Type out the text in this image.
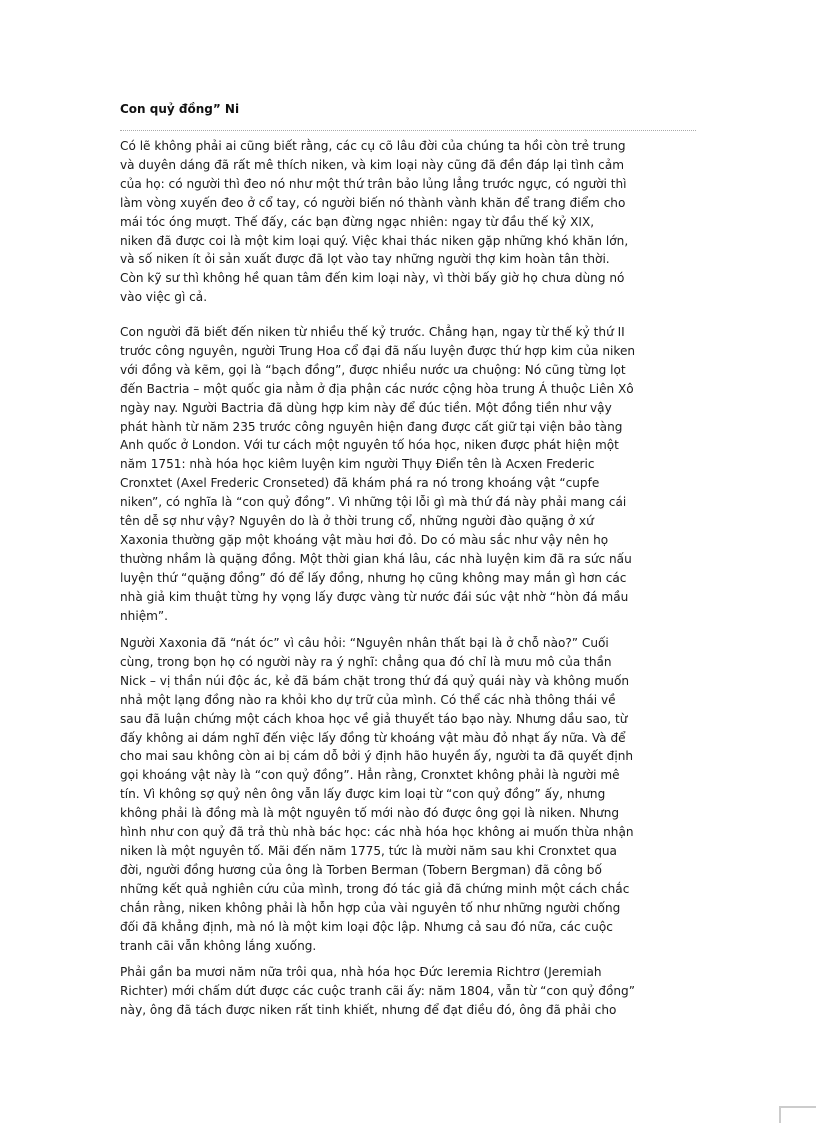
Con quỷ đồng” Ni
Có lẽ không phải ai cũng biết rằng, các cụ cõ lâu đời của chúng ta hồi còn trẻ trung
và duyên dáng đã rất mê thích niken, và kim loại này cũng đã đền đáp lại tình cảm
của họ: có người thì đeo nó như một thứ trân bảo lủng lẳng trước ngực, có người thì
làm vòng xuyến đeo ở cổ tay, có người biến nó thành vành khăn để trang điểm cho
mái tóc óng mượt. Thế đấy, các bạn đừng ngạc nhiên: ngay từ đầu thế kỷ XIX,
niken đã được coi là một kim loại quý. Việc khai thác niken gặp những khó khăn lớn,
và số niken ít ỏi sản xuất được đã lọt vào tay những người thợ kim hoàn tân thời.
Còn kỹ sư thì không hề quan tâm đến kim loại này, vì thời bấy giờ họ chưa dùng nó
vào việc gì cả.
Con người đã biết đến niken từ nhiều thế kỷ trước. Chẳng hạn, ngay từ thế kỷ thứ II
trước công nguyên, người Trung Hoa cổ đại đã nấu luyện được thứ hợp kim của niken
với đồng và kẽm, gọi là “bạch đồng”, được nhiều nước ưa chuộng: Nó cũng từng lọt
đến Bactria – một quốc gia nằm ở địa phận các nước cộng hòa trung Á thuộc Liên Xô
ngày nay. Người Bactria đã dùng hợp kim này để đúc tiền. Một đồng tiền như vậy
phát hành từ năm 235 trước công nguyên hiện đang được cất giữ tại viện bảo tàng
Anh quốc ở London. Với tư cách một nguyên tố hóa học, niken được phát hiện một
năm 1751: nhà hóa học kiêm luyện kim người Thụy Điển tên là Acxen Frederic
Cronxtet (Axel Frederic Cronseted) đã khám phá ra nó trong khoáng vật “cupfe
niken”, có nghĩa là “con quỷ đồng”. Vì những tội lỗi gì mà thứ đá này phải mang cái
tên dễ sợ như vậy? Nguyên do là ở thời trung cổ, những người đào quặng ở xứ
Xaxonia thường gặp một khoáng vật màu hơi đỏ. Do có màu sắc như vậy nên họ
thường nhầm là quặng đồng. Một thời gian khá lâu, các nhà luyện kim đã ra sức nấu
luyện thứ “quặng đồng” đó để lấy đồng, nhưng họ cũng không may mắn gì hơn các
nhà giả kim thuật từng hy vọng lấy được vàng từ nước đái súc vật nhờ “hòn đá mầu
nhiệm”.
Người Xaxonia đã “nát óc” vì câu hỏi: “Nguyên nhân thất bại là ở chỗ nào?” Cuối
cùng, trong bọn họ có người này ra ý nghĩ: chẳng qua đó chỉ là mưu mô của thần
Nick – vị thần núi độc ác, kẻ đã bám chặt trong thứ đá quỷ quái này và không muốn
nhả một lạng đồng nào ra khỏi kho dự trữ của mình. Có thể các nhà thông thái về
sau đã luận chứng một cách khoa học về giả thuyết táo bạo này. Nhưng dầu sao, từ
đấy không ai dám nghĩ đến việc lấy đồng từ khoáng vật màu đỏ nhạt ấy nữa. Và để
cho mai sau không còn ai bị cám dỗ bởi ý định hão huyền ấy, người ta đã quyết định
gọi khoáng vật này là “con quỷ đồng”. Hẳn rằng, Cronxtet không phải là người mê
tín. Vì không sợ quỷ nên ông vẫn lấy được kim loại từ “con quỷ đồng” ấy, nhưng
không phải là đồng mà là một nguyên tố mới nào đó được ông gọi là niken. Nhưng
hình như con quỷ đã trả thù nhà bác học: các nhà hóa học không ai muốn thừa nhận
niken là một nguyên tố. Mãi đến năm 1775, tức là mười năm sau khi Cronxtet qua
đời, người đồng hương của ông là Torben Berman (Tobern Bergman) đã công bố
những kết quả nghiên cứu của mình, trong đó tác giả đã chứng minh một cách chắc
chắn rằng, niken không phải là hỗn hợp của vài nguyên tố như những người chống
đối đã khẳng định, mà nó là một kim loại độc lập. Nhưng cả sau đó nữa, các cuộc
tranh cãi vẫn không lắng xuống.
Phải gần ba mươi năm nữa trôi qua, nhà hóa học Đức Ieremia Richtrơ (Jeremiah
Richter) mới chấm dứt được các cuộc tranh cãi ấy: năm 1804, vẫn từ “con quỷ đồng”
này, ông đã tách được niken rất tinh khiết, nhưng để đạt điều đó, ông đã phải cho
